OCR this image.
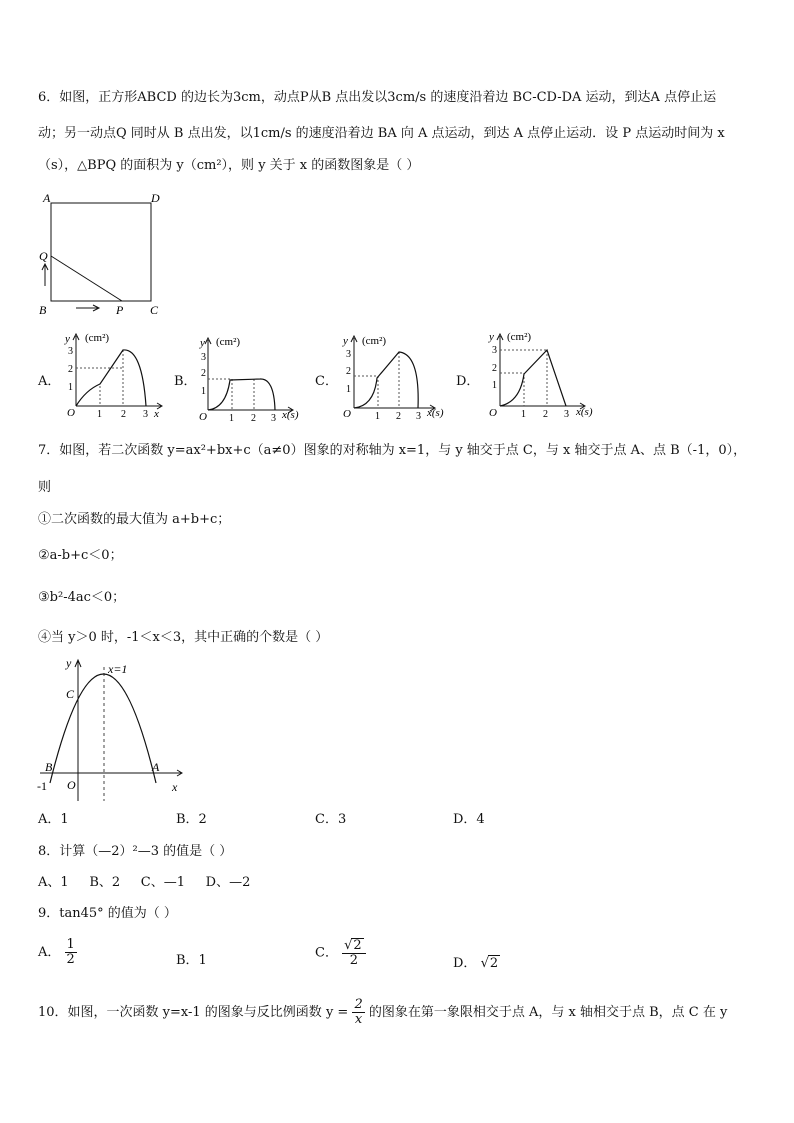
6．如图，正方形ABCD 的边长为3cm，动点P从B 点出发以3cm/s 的速度沿着边 BC-CD-DA 运动，到达A 点停止运
动；另一动点Q 同时从 B 点出发，以1cm/s 的速度沿着边 BA 向 A 点运动，到达 A 点停止运动．设 P 点运动时间为 x
（s），△BPQ 的面积为 y（cm²），则 y 关于 x 的函数图象是（ ）
A	D
Q
B	P C
A．
y (cm²)
x
O 1 2 3
1
2
3
B．
y (cm²)
x(s)
O 1 2 3
1
2
3
C．
y (cm²)
x(s)
O 1 2 3
1
2
3
D．
y (cm²)
x(s)
O 1 2 3
1
2
3
7．如图，若二次函数 y=ax²+bx+c（a≠0）图象的对称轴为 x=1，与 y 轴交于点 C，与 x 轴交于点 A、点 B（-1，0），
则
①二次函数的最大值为 a+b+c；
②a-b+c＜0；
③b²-4ac＜0；
④当 y＞0 时，-1＜x＜3，其中正确的个数是（ ）
y	x=1
C
B	A
O
-1	x
A．1	B．2	C．3	D．4
8．计算（—2）²—3 的值是（ ）
A、1     B、2     C、—1     D、—2
9．tan45° 的值为（ ）
A． $\frac{1}{2}$	B．1	C． $\frac{√2}{2}$	D． √2
10．如图，一次函数 y=x-1 的图象与反比例函数 $y = \frac{2}{x}$ 的图象在第一象限相交于点 A，与 x 轴相交于点 B，点 C 在 y
